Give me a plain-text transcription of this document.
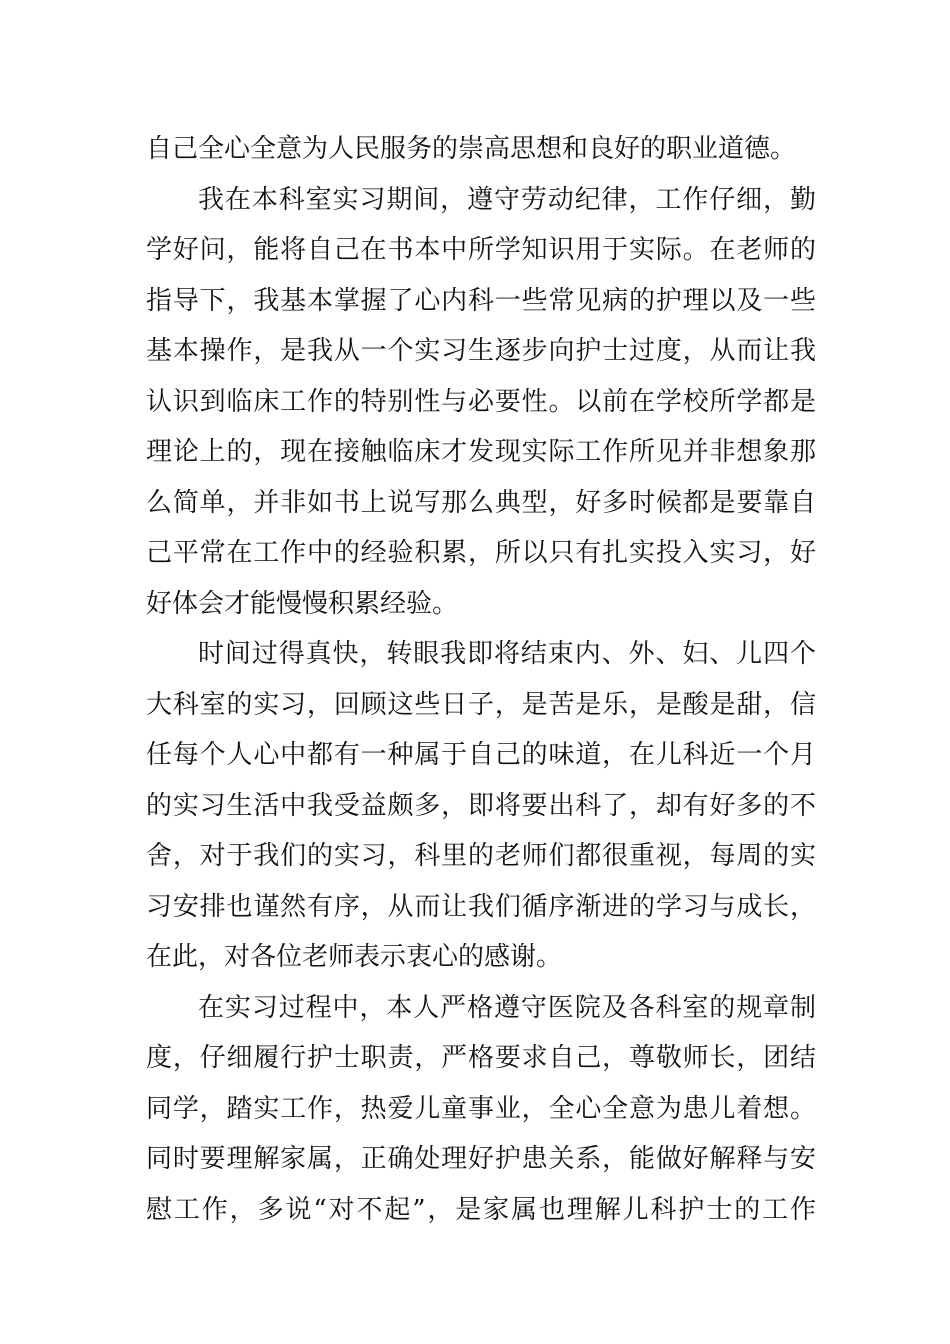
自己全心全意为人民服务的崇高思想和良好的职业道德。
我在本科室实习期间，遵守劳动纪律，工作仔细，勤
学好问，能将自己在书本中所学知识用于实际。在老师的
指导下，我基本掌握了心内科一些常见病的护理以及一些
基本操作，是我从一个实习生逐步向护士过度，从而让我
认识到临床工作的特别性与必要性。以前在学校所学都是
理论上的，现在接触临床才发现实际工作所见并非想象那
么简单，并非如书上说写那么典型，好多时候都是要靠自
己平常在工作中的经验积累，所以只有扎实投入实习，好
好体会才能慢慢积累经验。
时间过得真快，转眼我即将结束内、外、妇、儿四个
大科室的实习，回顾这些日子，是苦是乐，是酸是甜，信
任每个人心中都有一种属于自己的味道，在儿科近一个月
的实习生活中我受益颇多，即将要出科了，却有好多的不
舍，对于我们的实习，科里的老师们都很重视，每周的实
习安排也谨然有序，从而让我们循序渐进的学习与成长，
在此，对各位老师表示衷心的感谢。
在实习过程中，本人严格遵守医院及各科室的规章制
度，仔细履行护士职责，严格要求自己，尊敬师长，团结
同学，踏实工作，热爱儿童事业，全心全意为患儿着想。
同时要理解家属，正确处理好护患关系，能做好解释与安
慰工作，多说“对不起”，是家属也理解儿科护士的工作
